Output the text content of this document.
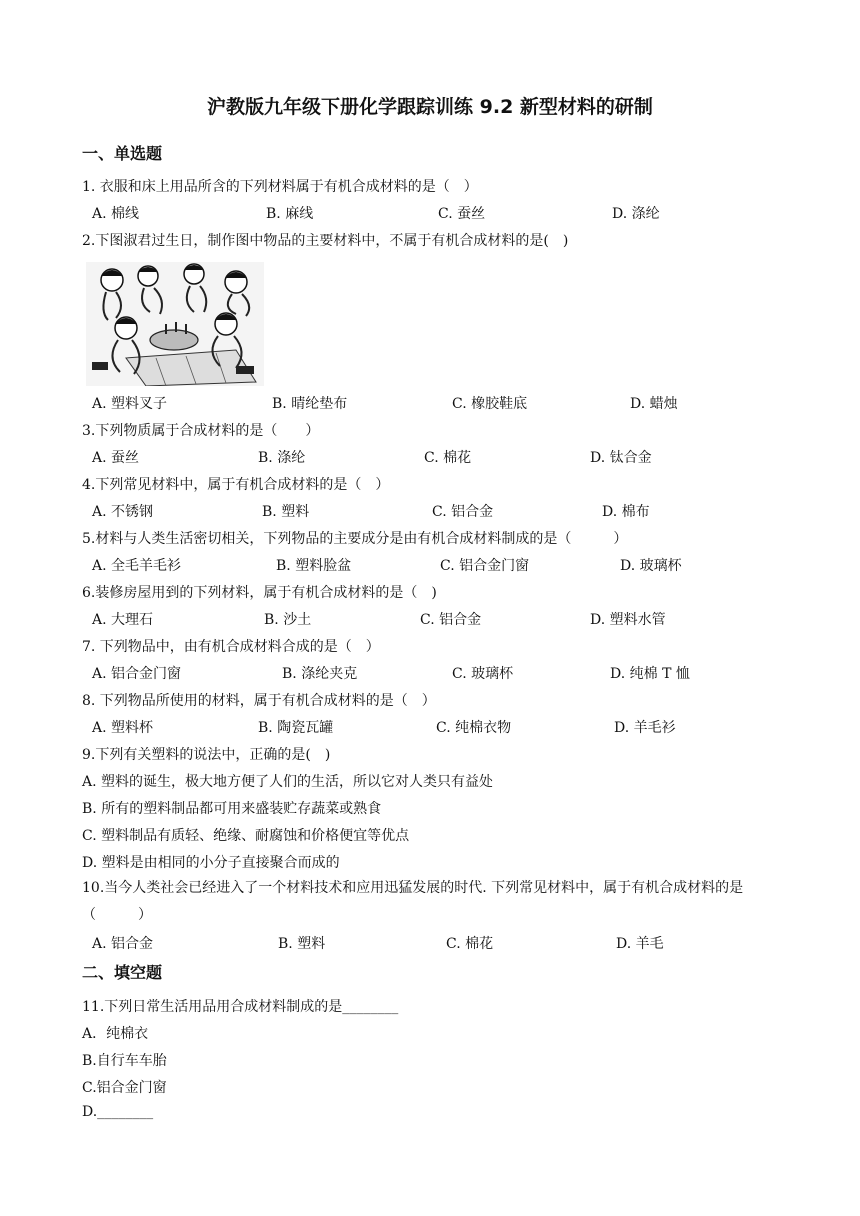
沪教版九年级下册化学跟踪训练 9.2 新型材料的研制
一、单选题
1. 衣服和床上用品所含的下列材料属于有机合成材料的是（　）
A. 棉线	B. 麻线	C. 蚕丝	D. 涤纶
2.下图淑君过生日，制作图中物品的主要材料中，不属于有机合成材料的是(　)
A. 塑料叉子	B. 晴纶垫布	C. 橡胶鞋底	D. 蜡烛
3.下列物质属于合成材料的是（　　）
A. 蚕丝	B. 涤纶	C. 棉花	D. 钛合金
4.下列常见材料中，属于有机合成材料的是（　）
A. 不锈钢	B. 塑料	C. 铝合金	D. 棉布
5.材料与人类生活密切相关，下列物品的主要成分是由有机合成材料制成的是（　　　）
A. 全毛羊毛衫	B. 塑料脸盆	C. 铝合金门窗	D. 玻璃杯
6.装修房屋用到的下列材料，属于有机合成材料的是（　)
A. 大理石	B. 沙土	C. 铝合金	D. 塑料水管
7. 下列物品中，由有机合成材料合成的是（　）
A. 铝合金门窗	B. 涤纶夹克	C. 玻璃杯	D. 纯棉 T 恤
8. 下列物品所使用的材料，属于有机合成材料的是（　）
A. 塑料杯	B. 陶瓷瓦罐	C. 纯棉衣物	D. 羊毛衫
9.下列有关塑料的说法中，正确的是(　)
A. 塑料的诞生，极大地方便了人们的生活，所以它对人类只有益处
B. 所有的塑料制品都可用来盛装贮存蔬菜或熟食
C. 塑料制品有质轻、绝缘、耐腐蚀和价格便宜等优点
D. 塑料是由相同的小分子直接聚合而成的
10.当今人类社会已经进入了一个材料技术和应用迅猛发展的时代. 下列常见材料中，属于有机合成材料的是（　　　）
A. 铝合金	B. 塑料	C. 棉花	D. 羊毛
二、填空题
11.下列日常生活用品用合成材料制成的是________
A．纯棉衣
B.自行车车胎
C.铝合金门窗
D.________
